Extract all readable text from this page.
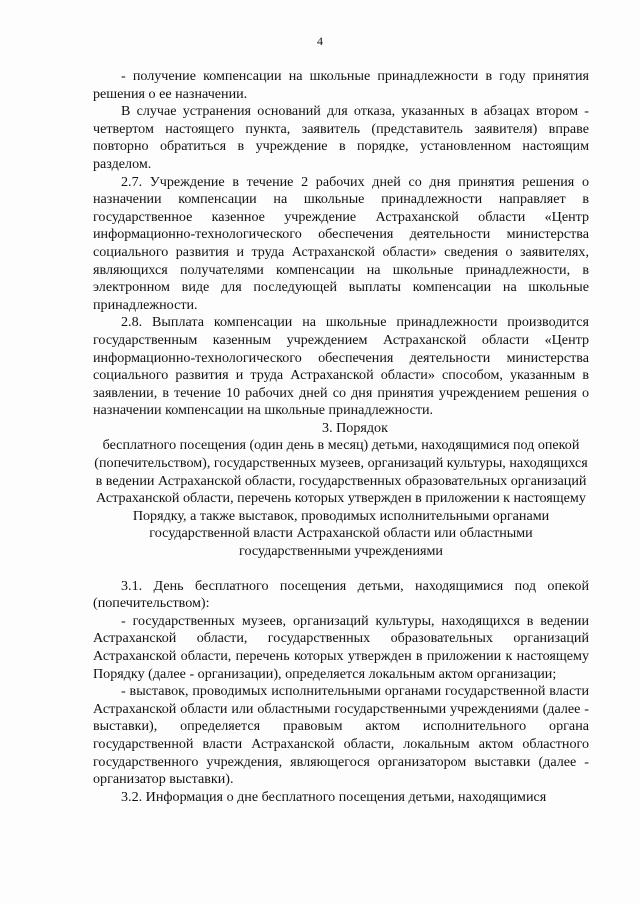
4

- получение компенсации на школьные принадлежности в году принятия решения о ее назначении.

В случае устранения оснований для отказа, указанных в абзацах втором - четвертом настоящего пункта, заявитель (представитель заявителя) вправе повторно обратиться в учреждение в порядке, установленном настоящим разделом.

2.7. Учреждение в течение 2 рабочих дней со дня принятия решения о назначении компенсации на школьные принадлежности направляет в государственное казенное учреждение Астраханской области «Центр информационно-технологического обеспечения деятельности министерства социального развития и труда Астраханской области» сведения о заявителях, являющихся получателями компенсации на школьные принадлежности, в электронном виде для последующей выплаты компенсации на школьные принадлежности.

2.8. Выплата компенсации на школьные принадлежности производится государственным казенным учреждением Астраханской области «Центр информационно-технологического обеспечения деятельности министерства социального развития и труда Астраханской области» способом, указанным в заявлении, в течение 10 рабочих дней со дня принятия учреждением решения о назначении компенсации на школьные принадлежности.

3. Порядок

бесплатного посещения (один день в месяц) детьми, находящимися под опекой (попечительством), государственных музеев, организаций культуры, находящихся в ведении Астраханской области, государственных образовательных организаций Астраханской области, перечень которых утвержден в приложении к настоящему Порядку, а также выставок, проводимых исполнительными органами государственной власти Астраханской области или областными государственными учреждениями

3.1. День бесплатного посещения детьми, находящимися под опекой (попечительством):

- государственных музеев, организаций культуры, находящихся в ведении Астраханской области, государственных образовательных организаций Астраханской области, перечень которых утвержден в приложении к настоящему Порядку (далее - организации), определяется локальным актом организации;

- выставок, проводимых исполнительными органами государственной власти Астраханской области или областными государственными учреждениями (далее - выставки), определяется правовым актом исполнительного органа государственной власти Астраханской области, локальным актом областного государственного учреждения, являющегося организатором выставки (далее - организатор выставки).

3.2. Информация о дне бесплатного посещения детьми, находящимися
